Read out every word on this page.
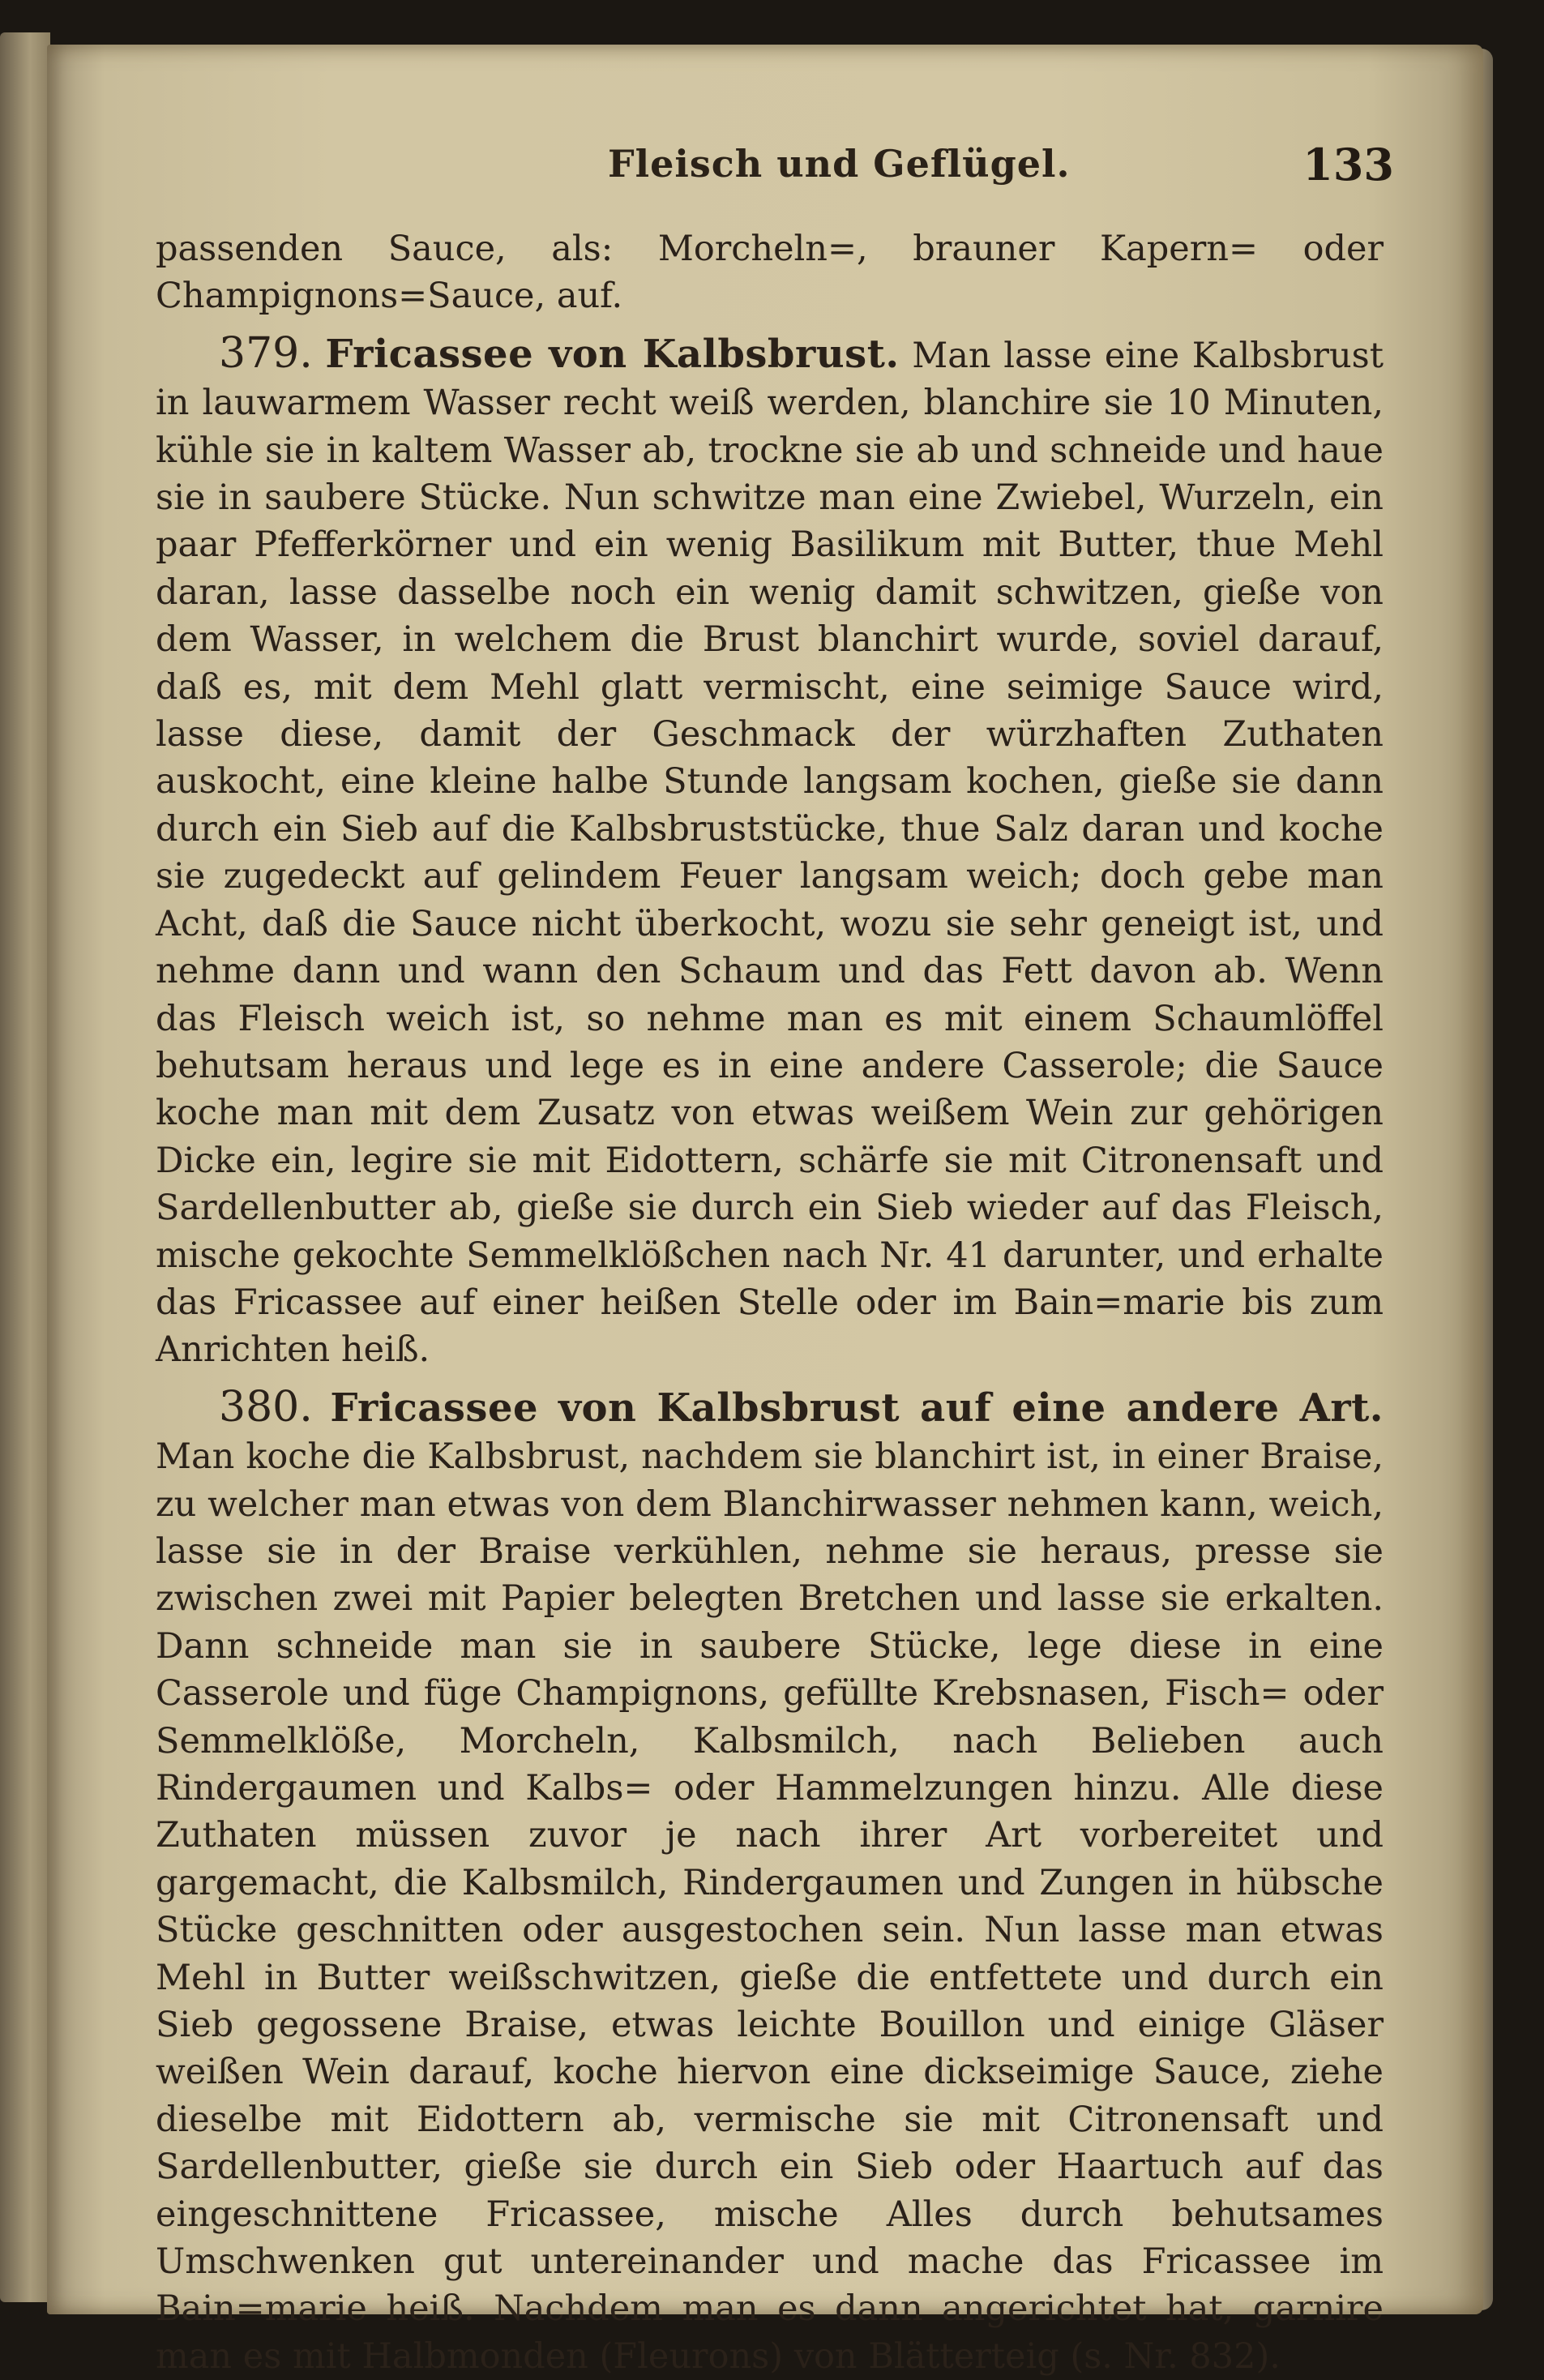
Fleisch und Geflügel.	133

passenden Sauce, als: Morcheln=, brauner Kapern= oder Champignons=Sauce, auf.

379. Fricassee von Kalbsbrust. Man lasse eine Kalbsbrust in lauwarmem Wasser recht weiß werden, blanchire sie 10 Minuten, kühle sie in kaltem Wasser ab, trockne sie ab und schneide und haue sie in saubere Stücke. Nun schwitze man eine Zwiebel, Wurzeln, ein paar Pfefferkörner und ein wenig Basilikum mit Butter, thue Mehl daran, lasse dasselbe noch ein wenig damit schwitzen, gieße von dem Wasser, in welchem die Brust blanchirt wurde, soviel darauf, daß es, mit dem Mehl glatt vermischt, eine seimige Sauce wird, lasse diese, damit der Geschmack der würzhaften Zuthaten auskocht, eine kleine halbe Stunde langsam kochen, gieße sie dann durch ein Sieb auf die Kalbsbruststücke, thue Salz daran und koche sie zugedeckt auf gelindem Feuer langsam weich; doch gebe man Acht, daß die Sauce nicht überkocht, wozu sie sehr geneigt ist, und nehme dann und wann den Schaum und das Fett davon ab. Wenn das Fleisch weich ist, so nehme man es mit einem Schaumlöffel behutsam heraus und lege es in eine andere Casserole; die Sauce koche man mit dem Zusatz von etwas weißem Wein zur gehörigen Dicke ein, legire sie mit Eidottern, schärfe sie mit Citronensaft und Sardellenbutter ab, gieße sie durch ein Sieb wieder auf das Fleisch, mische gekochte Semmelklößchen nach Nr. 41 darunter, und erhalte das Fricassee auf einer heißen Stelle oder im Bain=marie bis zum Anrichten heiß.

380. Fricassee von Kalbsbrust auf eine andere Art. Man koche die Kalbsbrust, nachdem sie blanchirt ist, in einer Braise, zu welcher man etwas von dem Blanchirwasser nehmen kann, weich, lasse sie in der Braise verkühlen, nehme sie heraus, presse sie zwischen zwei mit Papier belegten Bretchen und lasse sie erkalten. Dann schneide man sie in saubere Stücke, lege diese in eine Casserole und füge Champignons, gefüllte Krebsnasen, Fisch= oder Semmelklöße, Morcheln, Kalbsmilch, nach Belieben auch Rindergaumen und Kalbs= oder Hammelzungen hinzu. Alle diese Zuthaten müssen zuvor je nach ihrer Art vorbereitet und gargemacht, die Kalbsmilch, Rindergaumen und Zungen in hübsche Stücke geschnitten oder ausgestochen sein. Nun lasse man etwas Mehl in Butter weißschwitzen, gieße die entfettete und durch ein Sieb gegossene Braise, etwas leichte Bouillon und einige Gläser weißen Wein darauf, koche hiervon eine dickseimige Sauce, ziehe dieselbe mit Eidottern ab, vermische sie mit Citronensaft und Sardellenbutter, gieße sie durch ein Sieb oder Haartuch auf das eingeschnittene Fricassee, mische Alles durch behutsames Umschwenken gut untereinander und mache das Fricassee im Bain=marie heiß. Nachdem man es dann angerichtet hat, garnire man es mit Halbmonden (Fleurons) von Blätterteig (s. Nr. 832).
